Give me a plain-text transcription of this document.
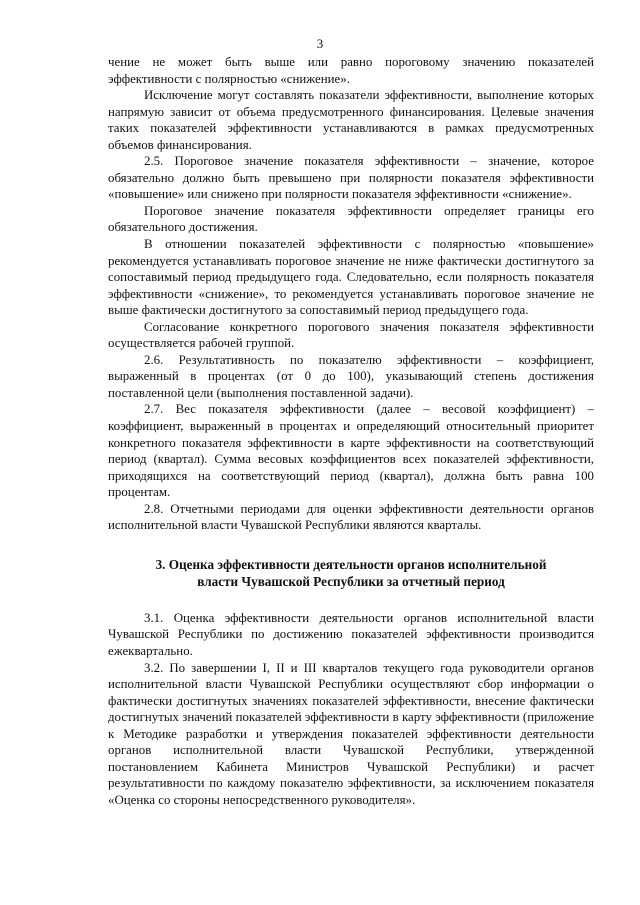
3

чение не может быть выше или равно пороговому значению показателей эффективности с полярностью «снижение».

Исключение могут составлять показатели эффективности, выполнение которых напрямую зависит от объема предусмотренного финансирования. Целевые значения таких показателей эффективности устанавливаются в рамках предусмотренных объемов финансирования.

2.5. Пороговое значение показателя эффективности – значение, которое обязательно должно быть превышено при полярности показателя эффективности «повышение» или снижено при полярности показателя эффективности «снижение».

Пороговое значение показателя эффективности определяет границы его обязательного достижения.

В отношении показателей эффективности с полярностью «повышение» рекомендуется устанавливать пороговое значение не ниже фактически достигнутого за сопоставимый период предыдущего года. Следовательно, если полярность показателя эффективности «снижение», то рекомендуется устанавливать пороговое значение не выше фактически достигнутого за сопоставимый период предыдущего года.

Согласование конкретного порогового значения показателя эффективности осуществляется рабочей группой.

2.6. Результативность по показателю эффективности – коэффициент, выраженный в процентах (от 0 до 100), указывающий степень достижения поставленной цели (выполнения поставленной задачи).

2.7. Вес показателя эффективности (далее – весовой коэффициент) – коэффициент, выраженный в процентах и определяющий относительный приоритет конкретного показателя эффективности в карте эффективности на соответствующий период (квартал). Сумма весовых коэффициентов всех показателей эффективности, приходящихся на соответствующий период (квартал), должна быть равна 100 процентам.

2.8. Отчетными периодами для оценки эффективности деятельности органов исполнительной власти Чувашской Республики являются кварталы.

3. Оценка эффективности деятельности органов исполнительной
власти Чувашской Республики за отчетный период

3.1. Оценка эффективности деятельности органов исполнительной власти Чувашской Республики по достижению показателей эффективности производится ежеквартально.

3.2. По завершении I, II и III кварталов текущего года руководители органов исполнительной власти Чувашской Республики осуществляют сбор информации о фактически достигнутых значениях показателей эффективности, внесение фактически достигнутых значений показателей эффективности в карту эффективности (приложение к Методике разработки и утверждения показателей эффективности деятельности органов исполнительной власти Чувашской Республики, утвержденной постановлением Кабинета Министров Чувашской Республики) и расчет результативности по каждому показателю эффективности, за исключением показателя «Оценка со стороны непосредственного руководителя».
